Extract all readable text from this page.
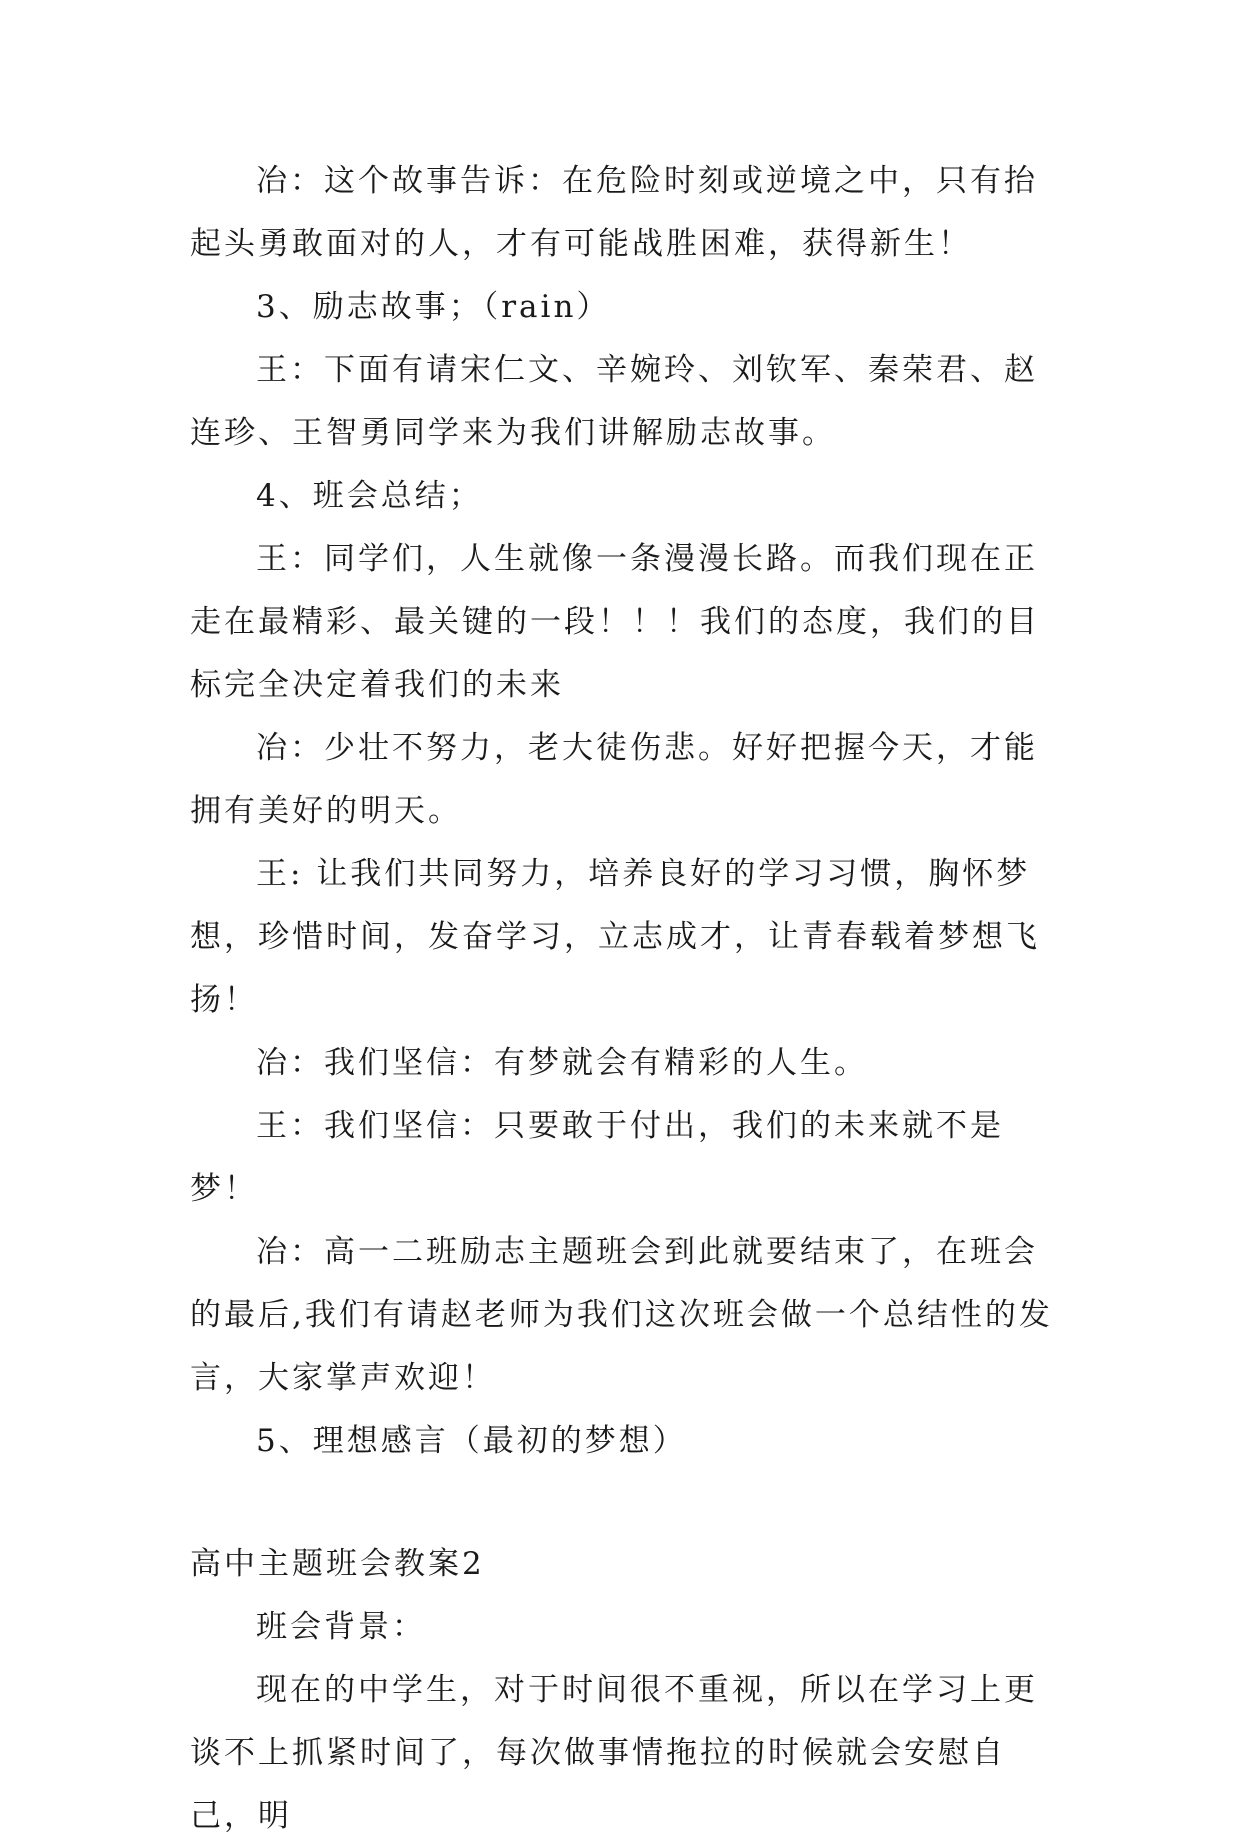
冶：这个故事告诉：在危险时刻或逆境之中，只有抬起头勇敢面对的人，才有可能战胜困难，获得新生！

3、励志故事；（rain）

王：下面有请宋仁文、辛婉玲、刘钦军、秦荣君、赵连珍、王智勇同学来为我们讲解励志故事。

4、班会总结；

王：同学们，人生就像一条漫漫长路。而我们现在正走在最精彩、最关键的一段！！！我们的态度，我们的目标完全决定着我们的未来

冶：少壮不努力，老大徒伤悲。好好把握今天，才能拥有美好的明天。

王: 让我们共同努力，培养良好的学习习惯，胸怀梦想，珍惜时间，发奋学习，立志成才，让青春载着梦想飞扬！

冶：我们坚信：有梦就会有精彩的人生。

王：我们坚信：只要敢于付出，我们的未来就不是梦！

冶：高一二班励志主题班会到此就要结束了，在班会的最后,我们有请赵老师为我们这次班会做一个总结性的发言，大家掌声欢迎！

5、理想感言（最初的梦想）

高中主题班会教案2

班会背景：

现在的中学生，对于时间很不重视，所以在学习上更谈不上抓紧时间了，每次做事情拖拉的时候就会安慰自己，明
